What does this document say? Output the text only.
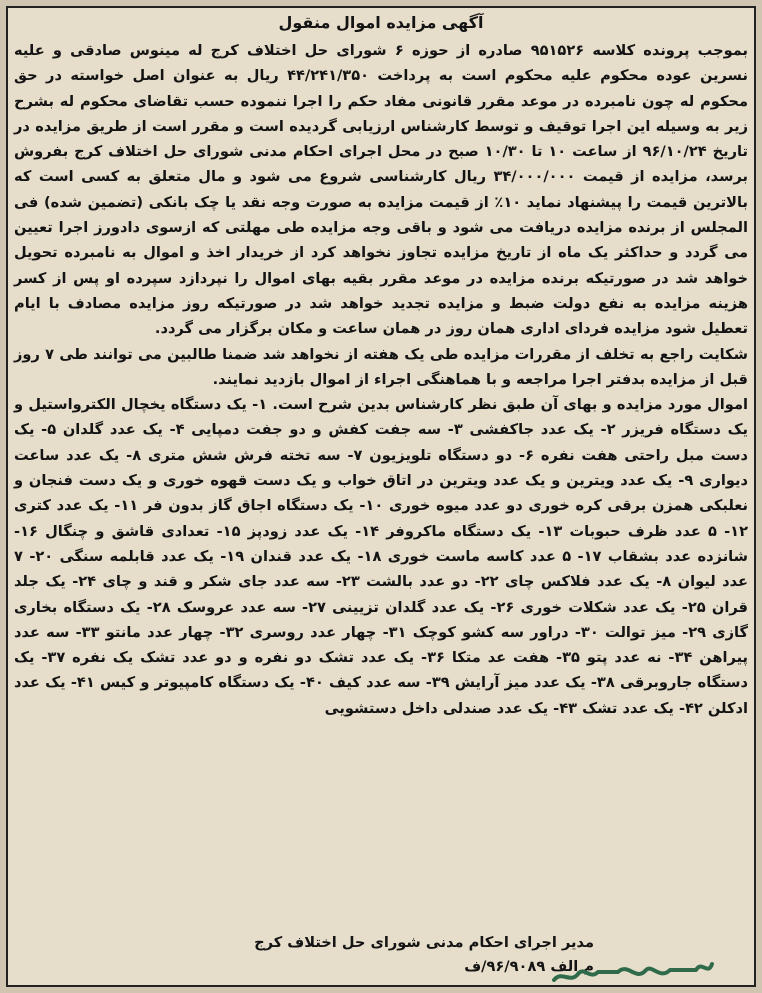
آگهی مزایده اموال منقول

بموجب پرونده کلاسه ۹۵۱۵۲۶ صادره از حوزه ۶ شورای حل اختلاف کرج له مینوس صادقی و علیه نسرین عوده محکوم علیه محکوم است به پرداخت ۴۴/۲۴۱/۳۵۰ ریال به عنوان اصل خواسته در حق محکوم له چون نامبرده در موعد مقرر قانونی مفاد حکم را اجرا ننموده حسب تقاضای محکوم له بشرح زیر به وسیله این اجرا توقیف و توسط کارشناس ارزیابی گردیده است و مقرر است از طریق مزایده در تاریخ ۹۶/۱۰/۲۴ از ساعت ۱۰ تا ۱۰/۳۰ صبح در محل اجرای احکام مدنی شورای حل اختلاف کرج بفروش برسد، مزایده از قیمت ۳۴/۰۰۰/۰۰۰ ریال کارشناسی شروع می شود و مال متعلق به کسی است که بالاترین قیمت را پیشنهاد نماید ۱۰٪ از قیمت مزایده به صورت وجه نقد یا چک بانکی (تضمین شده) فی المجلس از برنده مزایده دریافت می شود و باقی وجه مزایده طی مهلتی که ازسوی دادورز اجرا تعیین می گردد و حداکثر یک ماه از تاریخ مزایده تجاوز نخواهد کرد از خریدار اخذ و اموال به نامبرده تحویل خواهد شد در صورتیکه برنده مزایده در موعد مقرر بقیه بهای اموال را نپردازد سپرده او پس از کسر هزینه مزایده به نفع دولت ضبط و مزایده تجدید خواهد شد در صورتیکه روز مزایده مصادف با ایام تعطیل شود مزایده فردای اداری همان روز در همان ساعت و مکان برگزار می گردد.

شکایت راجع به تخلف از مقررات مزایده طی یک هفته از نخواهد شد ضمنا طالبین می توانند طی ۷ روز قبل از مزایده بدفتر اجرا مراجعه و با هماهنگی اجراء از اموال بازدید نمایند.

اموال مورد مزایده و بهای آن طبق نظر کارشناس بدین شرح است. ۱- یک دستگاه یخچال الکترواستیل و یک دستگاه فریزر ۲- یک عدد جاکفشی ۳- سه جفت کفش و دو جفت دمپایی ۴- یک عدد گلدان ۵- یک دست مبل راحتی هفت نفره ۶- دو دستگاه تلویزیون ۷- سه تخته فرش شش متری ۸- یک عدد ساعت دیواری ۹- یک عدد ویترین و یک عدد ویترین در اتاق خواب و یک دست قهوه خوری و یک دست فنجان و نعلبکی همزن برقی کره خوری دو عدد میوه خوری ۱۰- یک دستگاه اجاق گاز بدون فر ۱۱- یک عدد کتری ۱۲- ۵ عدد ظرف حبوبات ۱۳- یک دستگاه ماکروفر ۱۴- یک عدد زودپز ۱۵- تعدادی قاشق و چنگال ۱۶- شانزده عدد بشقاب ۱۷- ۵ عدد کاسه ماست خوری ۱۸- یک عدد قندان ۱۹- یک عدد قابلمه سنگی ۲۰- ۷ عدد لیوان ۸- یک عدد فلاکس چای ۲۲- دو عدد بالشت ۲۳- سه عدد جای شکر و قند و چای ۲۴- یک جلد قران ۲۵- یک عدد شکلات خوری ۲۶- یک عدد گلدان تزیینی ۲۷- سه عدد عروسک ۲۸- یک دستگاه بخاری گازی ۲۹- میز توالت ۳۰- دراور سه کشو کوچک ۳۱- چهار عدد روسری ۳۲- چهار عدد مانتو ۳۳- سه عدد پیراهن ۳۴- نه عدد پتو ۳۵- هفت عد متکا ۳۶- یک عدد تشک دو نفره و دو عدد تشک یک نفره ۳۷- یک دستگاه جاروبرقی ۳۸- یک عدد میز آرایش ۳۹- سه عدد کیف ۴۰- یک دستگاه کامپیوتر و کیس ۴۱- یک عدد ادکلن ۴۲- یک عدد تشک ۴۳- یک عدد صندلی داخل دستشویی

مدیر اجرای احکام مدنی شورای حل اختلاف کرج
م الف ۹۶/۹۰۸۹/ف
